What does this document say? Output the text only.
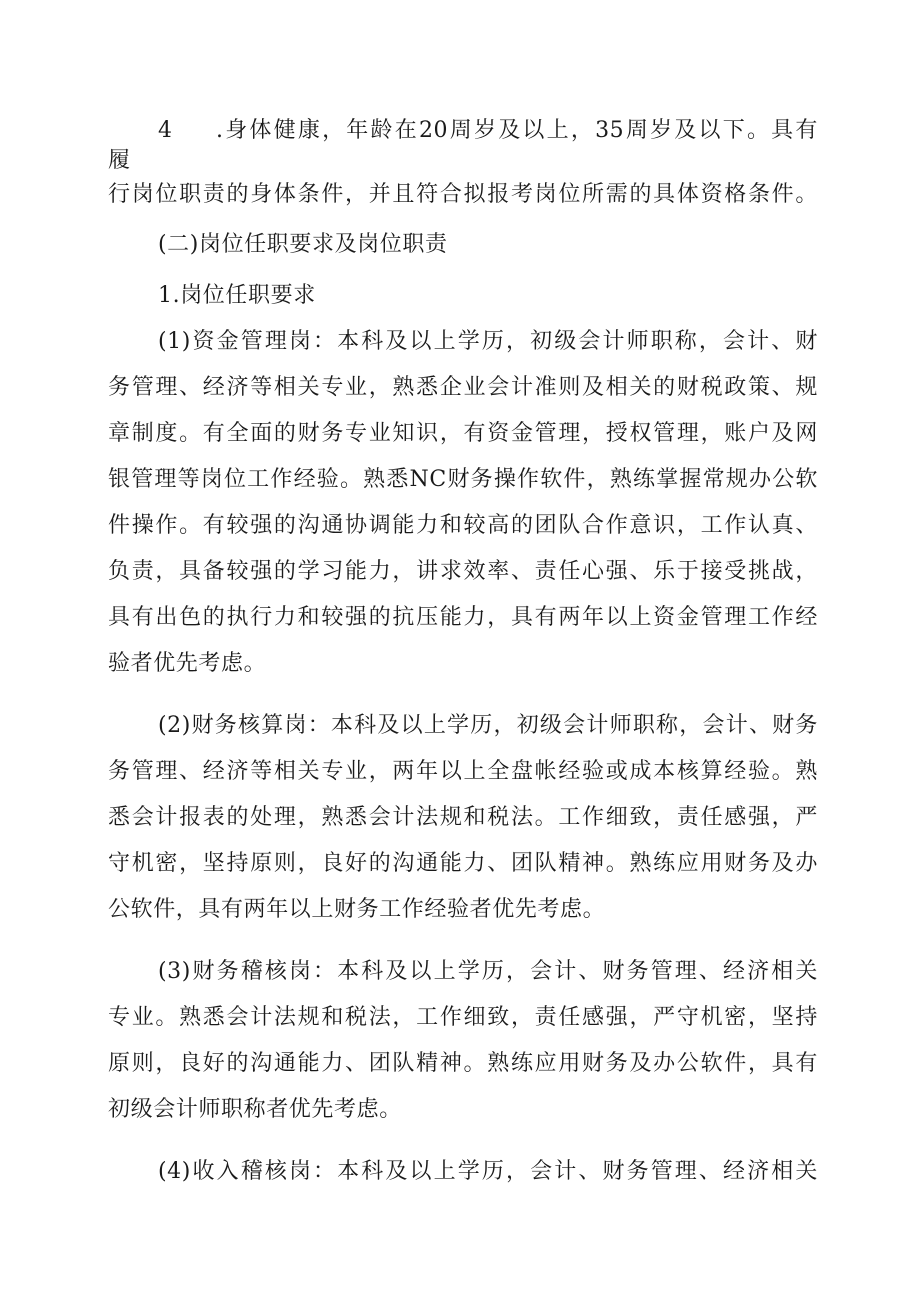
4 .身体健康，年龄在20周岁及以上，35周岁及以下。具有
履
行岗位职责的身体条件，并且符合拟报考岗位所需的具体资格条件。
(二)岗位任职要求及岗位职责
1.岗位任职要求
(1)资金管理岗：本科及以上学历，初级会计师职称，会计、财
务管理、经济等相关专业，熟悉企业会计准则及相关的财税政策、规
章制度。有全面的财务专业知识，有资金管理，授权管理，账户及网
银管理等岗位工作经验。熟悉NC财务操作软件，熟练掌握常规办公软
件操作。有较强的沟通协调能力和较高的团队合作意识，工作认真、
负责，具备较强的学习能力，讲求效率、责任心强、乐于接受挑战，
具有出色的执行力和较强的抗压能力，具有两年以上资金管理工作经
验者优先考虑。
(2)财务核算岗：本科及以上学历，初级会计师职称，会计、财务
务管理、经济等相关专业，两年以上全盘帐经验或成本核算经验。熟
悉会计报表的处理，熟悉会计法规和税法。工作细致，责任感强，严
守机密，坚持原则，良好的沟通能力、团队精神。熟练应用财务及办
公软件，具有两年以上财务工作经验者优先考虑。
(3)财务稽核岗：本科及以上学历，会计、财务管理、经济相关
专业。熟悉会计法规和税法，工作细致，责任感强，严守机密，坚持
原则，良好的沟通能力、团队精神。熟练应用财务及办公软件，具有
初级会计师职称者优先考虑。
(4)收入稽核岗：本科及以上学历，会计、财务管理、经济相关
